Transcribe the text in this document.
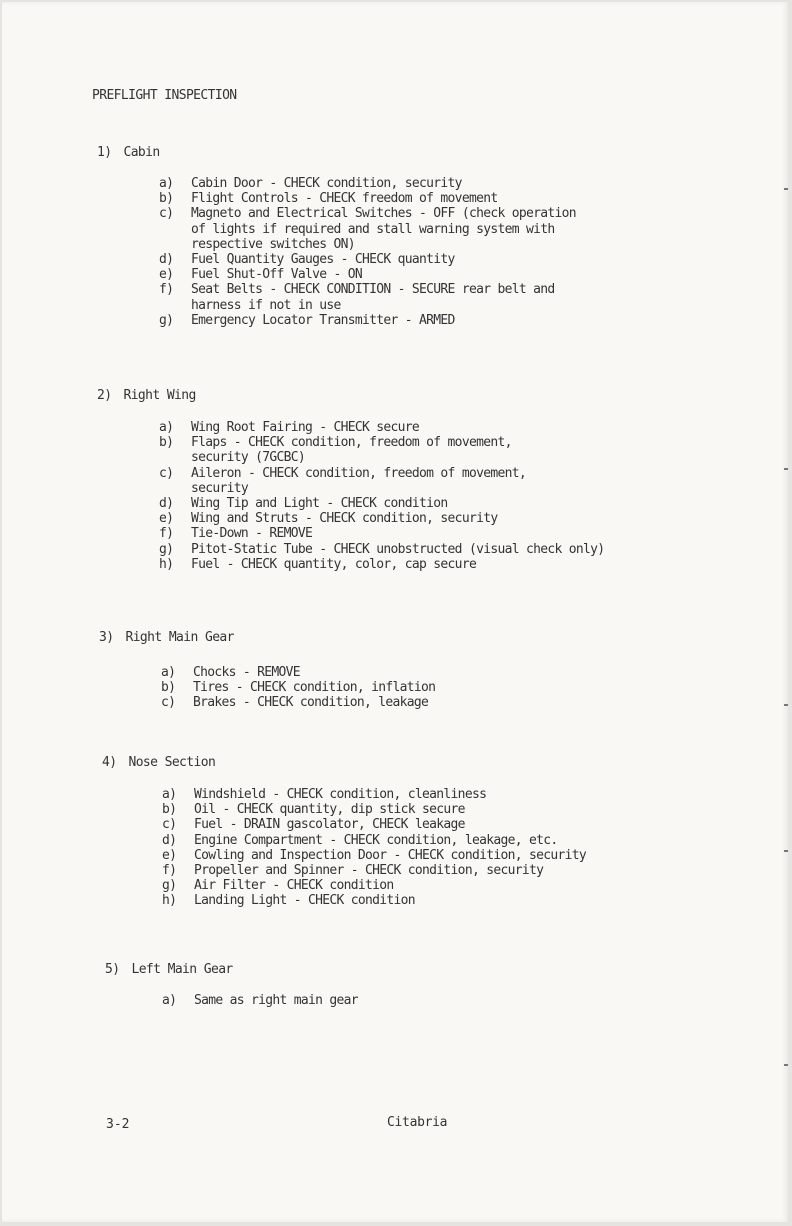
PREFLIGHT INSPECTION
1) Cabin
a)	Cabin Door - CHECK condition, security
b)	Flight Controls - CHECK freedom of movement
c)	Magneto and Electrical Switches - OFF (check operation
of lights if required and stall warning system with
respective switches ON)
d)	Fuel Quantity Gauges - CHECK quantity
e)	Fuel Shut-Off Valve - ON
f)	Seat Belts - CHECK CONDITION - SECURE rear belt and
harness if not in use
g)	Emergency Locator Transmitter - ARMED
2) Right Wing
a)	Wing Root Fairing - CHECK secure
b)	Flaps - CHECK condition, freedom of movement,
security (7GCBC)
c)	Aileron - CHECK condition, freedom of movement,
security
d)	Wing Tip and Light - CHECK condition
e)	Wing and Struts - CHECK condition, security
f)	Tie-Down - REMOVE
g)	Pitot-Static Tube - CHECK unobstructed (visual check only)
h)	Fuel - CHECK quantity, color, cap secure
3) Right Main Gear
a)	Chocks - REMOVE
b)	Tires - CHECK condition, inflation
c)	Brakes - CHECK condition, leakage
4) Nose Section
a)	Windshield - CHECK condition, cleanliness
b)	Oil - CHECK quantity, dip stick secure
c)	Fuel - DRAIN gascolator, CHECK leakage
d)	Engine Compartment - CHECK condition, leakage, etc.
e)	Cowling and Inspection Door - CHECK condition, security
f)	Propeller and Spinner - CHECK condition, security
g)	Air Filter - CHECK condition
h)	Landing Light - CHECK condition
5) Left Main Gear
a)	Same as right main gear
3-2	Citabria
